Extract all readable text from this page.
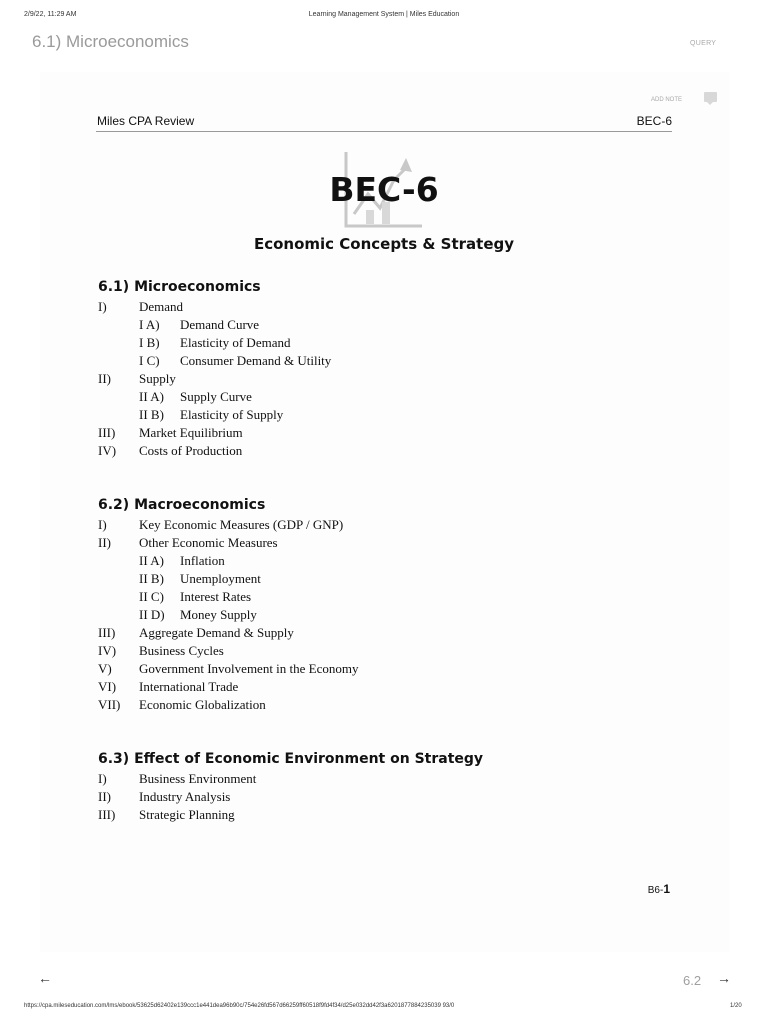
2/9/22, 11:29 AM	Learning Management System | Miles Education
6.1) Microeconomics	QUERY
ADD NOTE
Miles CPA Review	BEC-6
BEC-6
Economic Concepts & Strategy
6.1) Microeconomics
I) Demand
I A) Demand Curve
I B) Elasticity of Demand
I C) Consumer Demand & Utility
II) Supply
II A) Supply Curve
II B) Elasticity of Supply
III) Market Equilibrium
IV) Costs of Production
6.2) Macroeconomics
I) Key Economic Measures (GDP / GNP)
II) Other Economic Measures
II A) Inflation
II B) Unemployment
II C) Interest Rates
II D) Money Supply
III) Aggregate Demand & Supply
IV) Business Cycles
V) Government Involvement in the Economy
VI) International Trade
VII) Economic Globalization
6.3) Effect of Economic Environment on Strategy
I) Business Environment
II) Industry Analysis
III) Strategic Planning
B6-1
←	6.2 →
https://cpa.mileseducation.com/lms/ebook/53625d62402e139ccc1e441dea96b90c/754e26fd567d66259ff60518f9fd4f34/d25e032dd42f3a6201877884235039 93/0	1/20
